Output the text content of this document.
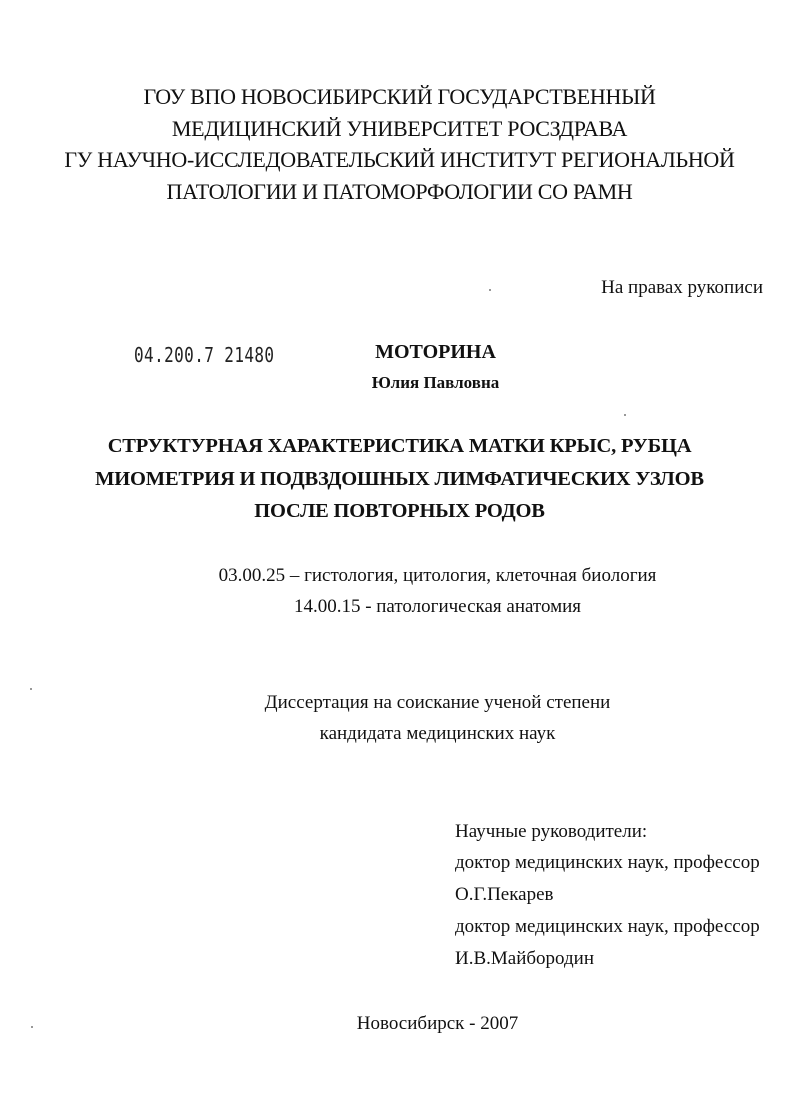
ГОУ ВПО НОВОСИБИРСКИЙ ГОСУДАРСТВЕННЫЙ
МЕДИЦИНСКИЙ УНИВЕРСИТЕТ РОСЗДРАВА
ГУ НАУЧНО-ИССЛЕДОВАТЕЛЬСКИЙ ИНСТИТУТ РЕГИОНАЛЬНОЙ
ПАТОЛОГИИ И ПАТОМОРФОЛОГИИ СО РАМН
На правах рукописи
04.200.7 21480	МОТОРИНА
Юлия Павловна
СТРУКТУРНАЯ ХАРАКТЕРИСТИКА МАТКИ КРЫС, РУБЦА
МИОМЕТРИЯ И ПОДВЗДОШНЫХ ЛИМФАТИЧЕСКИХ УЗЛОВ
ПОСЛЕ ПОВТОРНЫХ РОДОВ
03.00.25 – гистология, цитология, клеточная биология
14.00.15 - патологическая анатомия
Диссертация на соискание ученой степени
кандидата медицинских наук
Научные руководители:
доктор медицинских наук, профессор
О.Г.Пекарев
доктор медицинских наук, профессор
И.В.Майбородин
Новосибирск - 2007
